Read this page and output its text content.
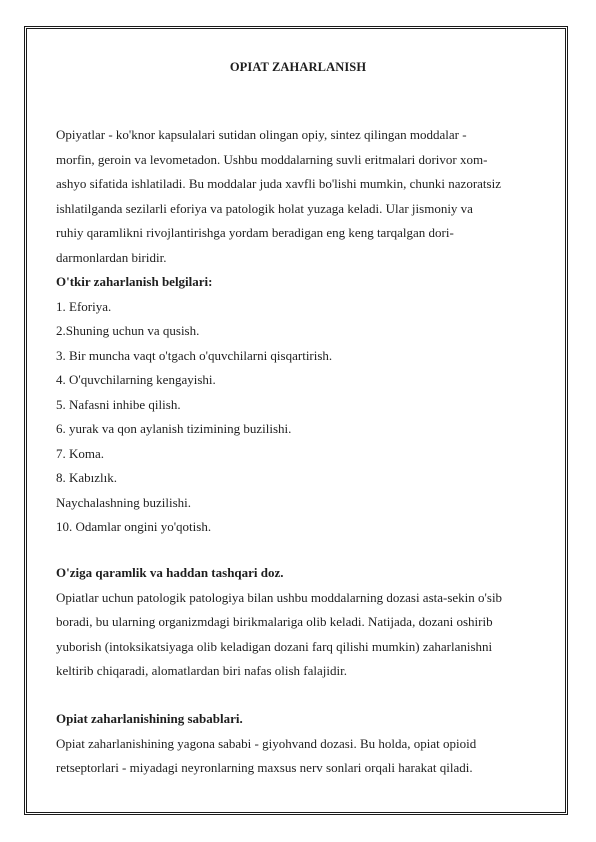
OPIAT ZAHARLANISH
Opiyatlar - ko'knor kapsulalari sutidan olingan opiy, sintez qilingan moddalar -
morfin, geroin va levometadon. Ushbu moddalarning suvli eritmalari dorivor xom-
ashyo sifatida ishlatiladi. Bu moddalar juda xavfli bo'lishi mumkin, chunki nazoratsiz
ishlatilganda sezilarli eforiya va patologik holat yuzaga keladi. Ular jismoniy va
ruhiy qaramlikni rivojlantirishga yordam beradigan eng keng tarqalgan dori-
darmonlardan biridir.
O'tkir zaharlanish belgilari:
1. Eforiya.
2.Shuning uchun va qusish.
3. Bir muncha vaqt o'tgach o'quvchilarni qisqartirish.
4. O'quvchilarning kengayishi.
5. Nafasni inhibe qilish.
6. yurak va qon aylanish tizimining buzilishi.
7. Koma.
8. Kabızlık.
Naychalashning buzilishi.
10. Odamlar ongini yo'qotish.
O'ziga qaramlik va haddan tashqari doz.
Opiatlar uchun patologik patologiya bilan ushbu moddalarning dozasi asta-sekin o'sib
boradi, bu ularning organizmdagi birikmalariga olib keladi. Natijada, dozani oshirib
yuborish (intoksikatsiyaga olib keladigan dozani farq qilishi mumkin) zaharlanishni
keltirib chiqaradi, alomatlardan biri nafas olish falajidir.
Opiat zaharlanishining sabablari.
Opiat zaharlanishining yagona sababi - giyohvand dozasi. Bu holda, opiat opioid
retseptorlari - miyadagi neyronlarning maxsus nerv sonlari orqali harakat qiladi.
